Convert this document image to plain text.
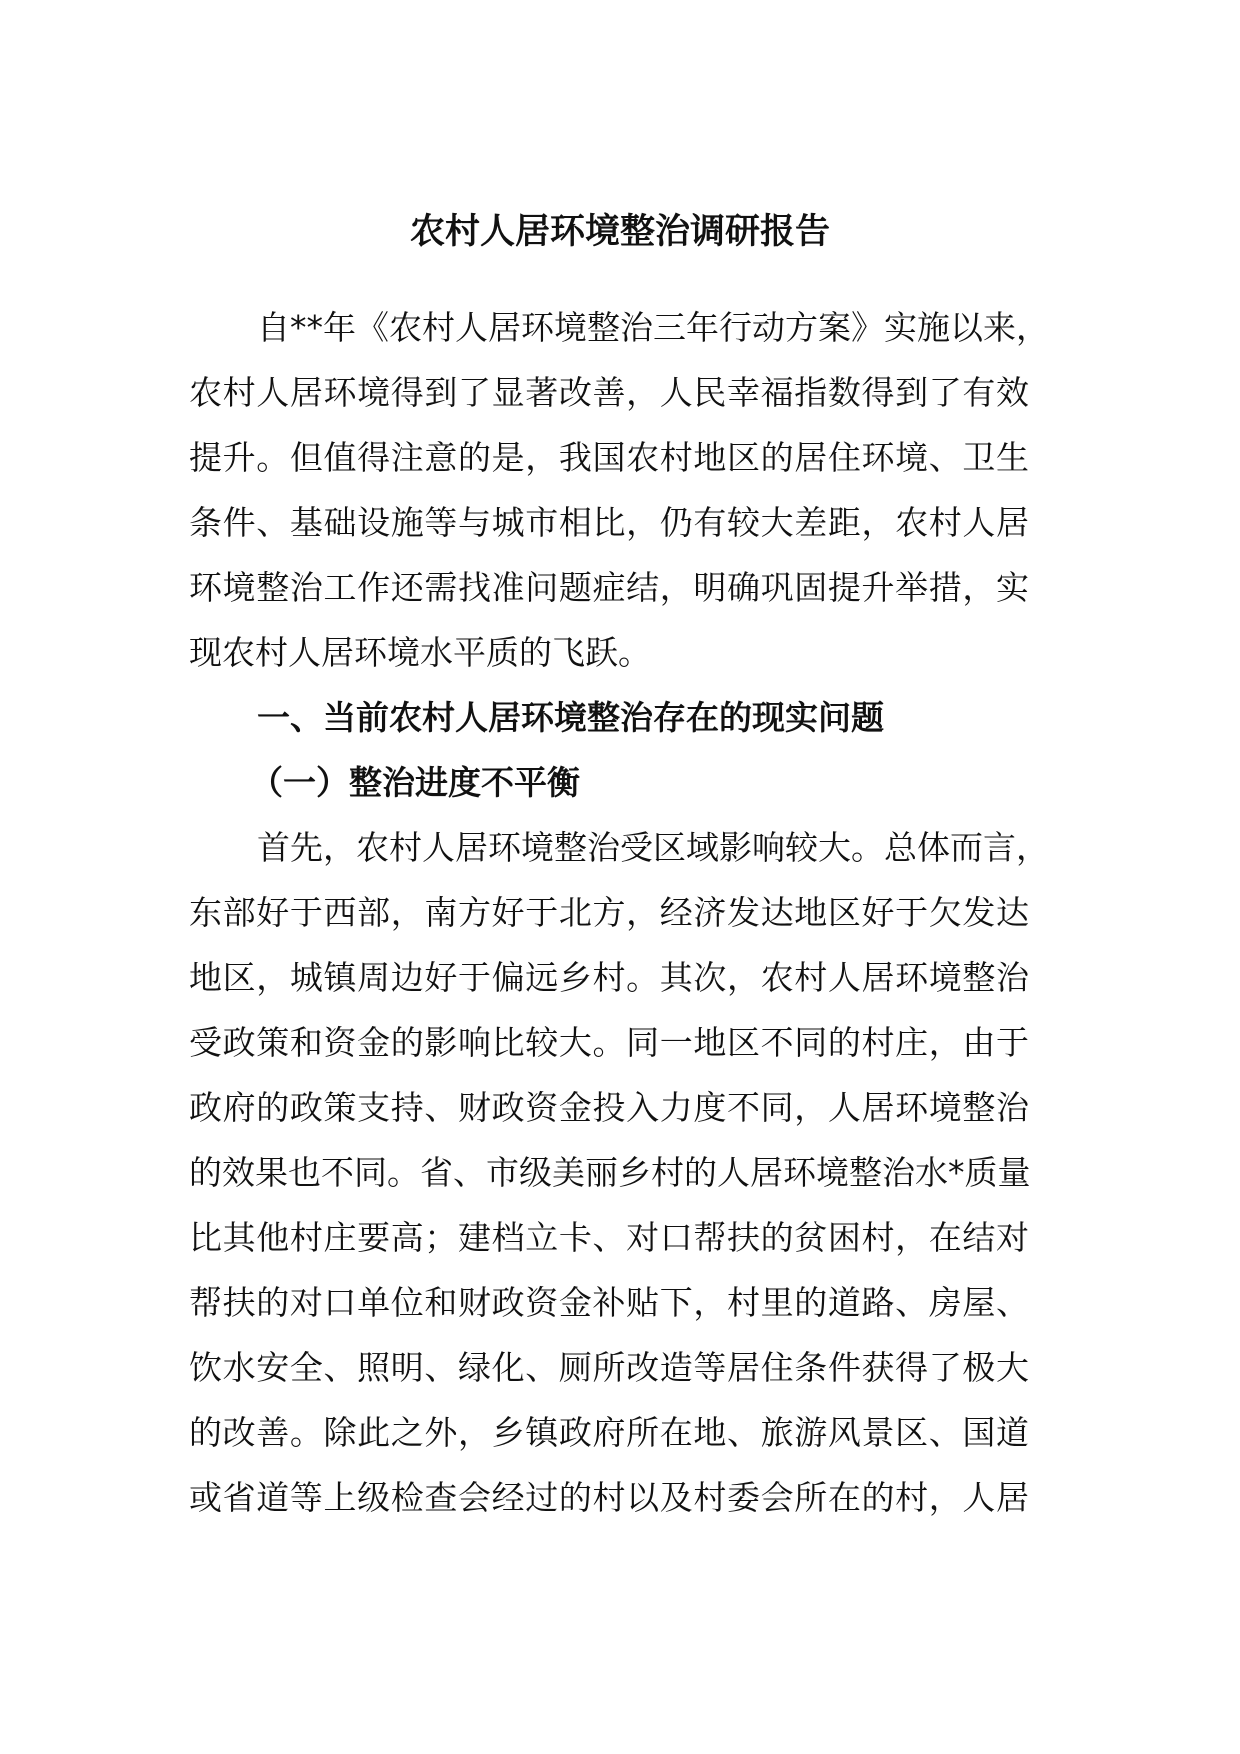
农村人居环境整治调研报告
自**年《农村人居环境整治三年行动方案》实施以来，
农村人居环境得到了显著改善，人民幸福指数得到了有效
提升。但值得注意的是，我国农村地区的居住环境、卫生
条件、基础设施等与城市相比，仍有较大差距，农村人居
环境整治工作还需找准问题症结，明确巩固提升举措，实
现农村人居环境水平质的飞跃。
一、当前农村人居环境整治存在的现实问题
（一）整治进度不平衡
首先，农村人居环境整治受区域影响较大。总体而言，
东部好于西部，南方好于北方，经济发达地区好于欠发达
地区，城镇周边好于偏远乡村。其次，农村人居环境整治
受政策和资金的影响比较大。同一地区不同的村庄，由于
政府的政策支持、财政资金投入力度不同，人居环境整治
的效果也不同。省、市级美丽乡村的人居环境整治水*质量
比其他村庄要高；建档立卡、对口帮扶的贫困村，在结对
帮扶的对口单位和财政资金补贴下，村里的道路、房屋、
饮水安全、照明、绿化、厕所改造等居住条件获得了极大
的改善。除此之外，乡镇政府所在地、旅游风景区、国道
或省道等上级检查会经过的村以及村委会所在的村，人居
